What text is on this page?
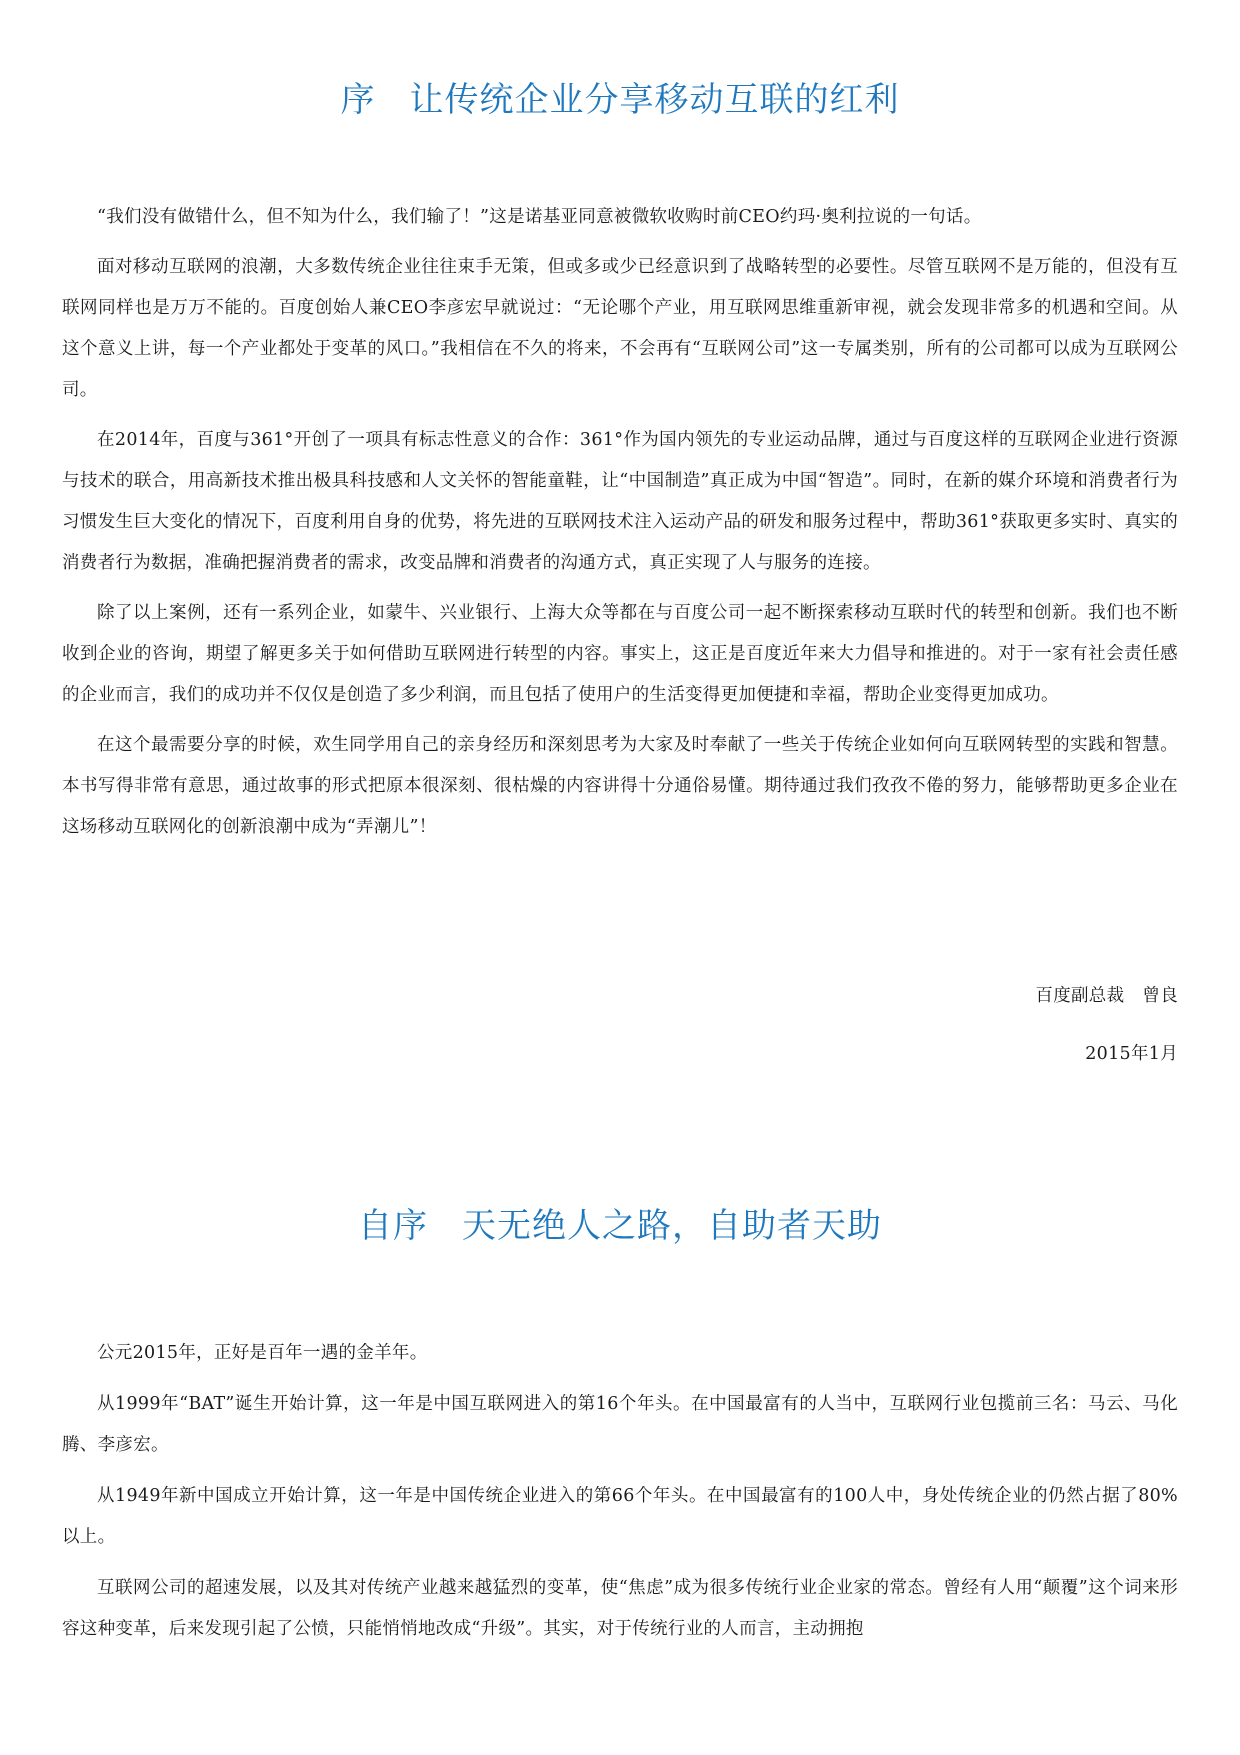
序 让传统企业分享移动互联的红利

“我们没有做错什么，但不知为什么，我们输了！”这是诺基亚同意被微软收购时前CEO约玛·奥利拉说的一句话。

面对移动互联网的浪潮，大多数传统企业往往束手无策，但或多或少已经意识到了战略转型的必要性。尽管互联网不是万能的，但没有互联网同样也是万万不能的。百度创始人兼CEO李彦宏早就说过：“无论哪个产业，用互联网思维重新审视，就会发现非常多的机遇和空间。从这个意义上讲，每一个产业都处于变革的风口。”我相信在不久的将来，不会再有“互联网公司”这一专属类别，所有的公司都可以成为互联网公司。

在2014年，百度与361°开创了一项具有标志性意义的合作：361°作为国内领先的专业运动品牌，通过与百度这样的互联网企业进行资源与技术的联合，用高新技术推出极具科技感和人文关怀的智能童鞋，让“中国制造”真正成为中国“智造”。同时，在新的媒介环境和消费者行为习惯发生巨大变化的情况下，百度利用自身的优势，将先进的互联网技术注入运动产品的研发和服务过程中，帮助361°获取更多实时、真实的消费者行为数据，准确把握消费者的需求，改变品牌和消费者的沟通方式，真正实现了人与服务的连接。

除了以上案例，还有一系列企业，如蒙牛、兴业银行、上海大众等都在与百度公司一起不断探索移动互联时代的转型和创新。我们也不断收到企业的咨询，期望了解更多关于如何借助互联网进行转型的内容。事实上，这正是百度近年来大力倡导和推进的。对于一家有社会责任感的企业而言，我们的成功并不仅仅是创造了多少利润，而且包括了使用户的生活变得更加便捷和幸福，帮助企业变得更加成功。

在这个最需要分享的时候，欢生同学用自己的亲身经历和深刻思考为大家及时奉献了一些关于传统企业如何向互联网转型的实践和智慧。本书写得非常有意思，通过故事的形式把原本很深刻、很枯燥的内容讲得十分通俗易懂。期待通过我们孜孜不倦的努力，能够帮助更多企业在这场移动互联网化的创新浪潮中成为“弄潮儿”！

百度副总裁 曾良
2015年1月
自序 天无绝人之路，自助者天助

公元2015年，正好是百年一遇的金羊年。

从1999年“BAT”诞生开始计算，这一年是中国互联网进入的第16个年头。在中国最富有的人当中，互联网行业包揽前三名：马云、马化腾、李彦宏。

从1949年新中国成立开始计算，这一年是中国传统企业进入的第66个年头。在中国最富有的100人中，身处传统企业的仍然占据了80%以上。

互联网公司的超速发展，以及其对传统产业越来越猛烈的变革，使“焦虑”成为很多传统行业企业家的常态。曾经有人用“颠覆”这个词来形容这种变革，后来发现引起了公愤，只能悄悄地改成“升级”。其实，对于传统行业的人而言，主动拥抱
